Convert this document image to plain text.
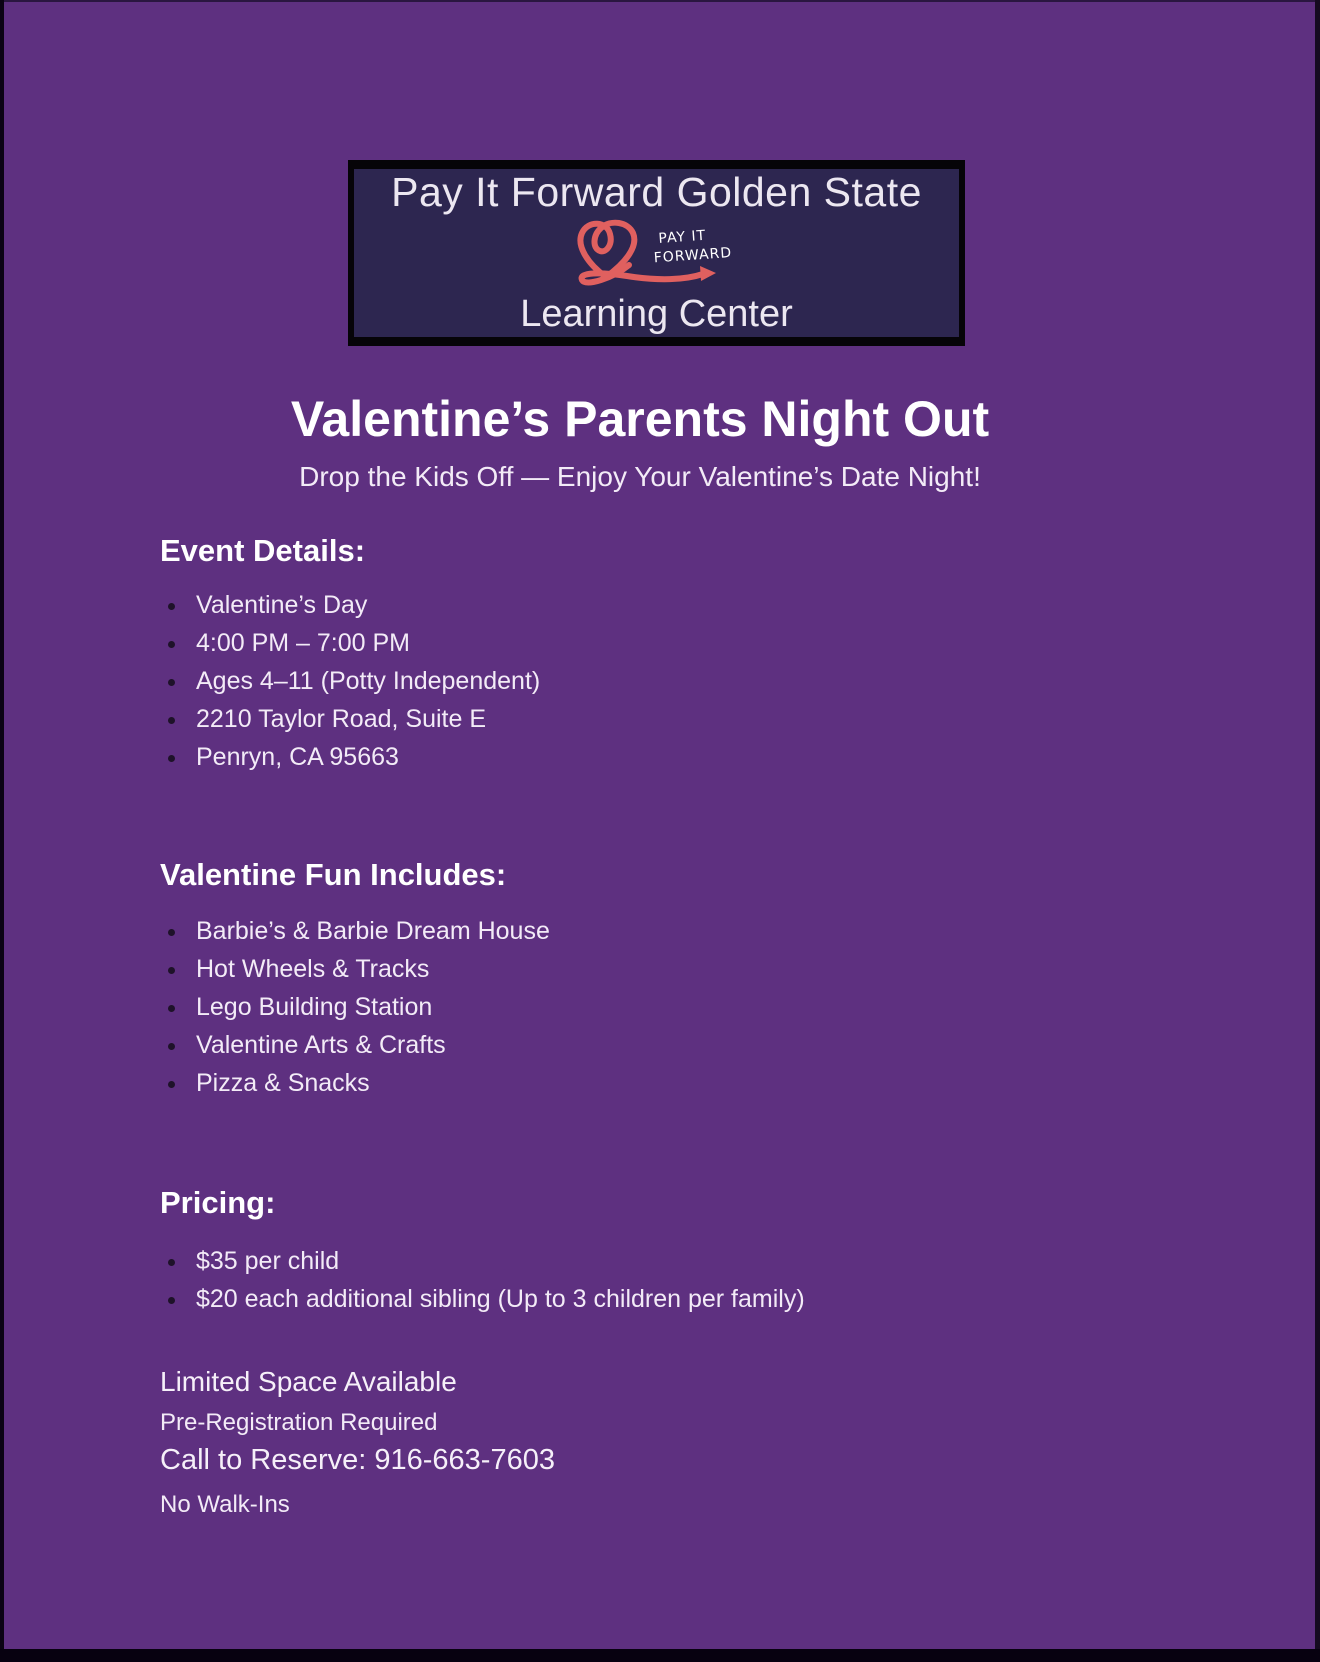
Pay It Forward Golden State
PAY IT
FORWARD
Learning Center
Valentine’s Parents Night Out
Drop the Kids Off — Enjoy Your Valentine’s Date Night!
Event Details:
Valentine’s Day
4:00 PM – 7:00 PM
Ages 4–11 (Potty Independent)
2210 Taylor Road, Suite E
Penryn, CA 95663
Valentine Fun Includes:
Barbie’s & Barbie Dream House
Hot Wheels & Tracks
Lego Building Station
Valentine Arts & Crafts
Pizza & Snacks
Pricing:
$35 per child
$20 each additional sibling (Up to 3 children per family)
Limited Space Available
Pre-Registration Required
Call to Reserve: 916-663-7603
No Walk-Ins
